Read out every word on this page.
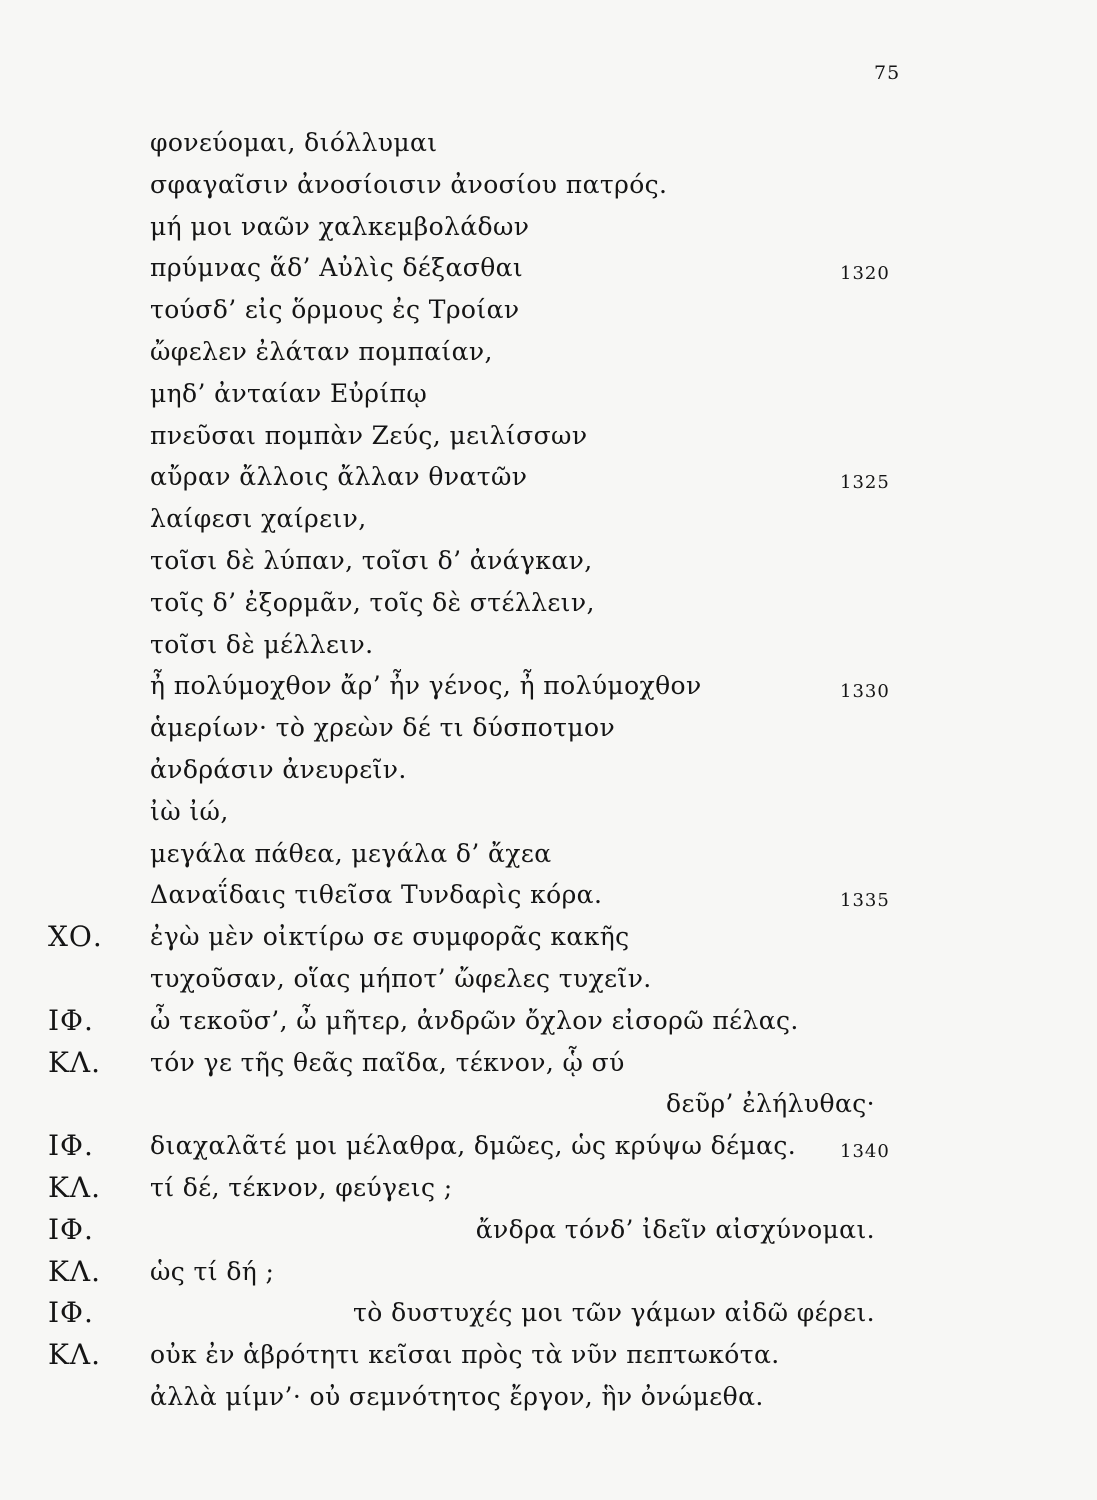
75
φονεύομαι, διόλλυμαι
σφαγαῖσιν ἀνοσίοισιν ἀνοσίου πατρός.
μή μοι ναῶν χαλκεμβολάδων
πρύμνας ἅδ’ Αὐλὶς δέξασθαι	1320
τούσδ’ εἰς ὅρμους ἐς Τροίαν
ὤφελεν ἐλάταν πομπαίαν,
μηδ’ ἀνταίαν Εὐρίπῳ
πνεῦσαι πομπὰν Ζεύς, μειλίσσων
αὔραν ἄλλοις ἄλλαν θνατῶν	1325
λαίφεσι χαίρειν,
τοῖσι δὲ λύπαν, τοῖσι δ’ ἀνάγκαν,
τοῖς δ’ ἐξορμᾶν, τοῖς δὲ στέλλειν,
τοῖσι δὲ μέλλειν.
ἦ πολύμοχθον ἄρ’ ἦν γένος, ἦ πολύμοχθον	1330
ἁμερίων· τὸ χρεὼν δέ τι δύσποτμον
ἀνδράσιν ἀνευρεῖν.
ἰὼ ἰώ,
μεγάλα πάθεα, μεγάλα δ’ ἄχεα
Δαναΐδαις τιθεῖσα Τυνδαρὶς κόρα.	1335
ΧΟ. ἐγὼ μὲν οἰκτίρω σε συμφορᾶς κακῆς
τυχοῦσαν, οἵας μήποτ’ ὤφελες τυχεῖν.
ΙΦ. ὦ τεκοῦσ’, ὦ μῆτερ, ἀνδρῶν ὄχλον εἰσορῶ πέλας.
ΚΛ. τόν γε τῆς θεᾶς παῖδα, τέκνον, ᾧ σύ
δεῦρ’ ἐλήλυθας·
ΙΦ. διαχαλᾶτέ μοι μέλαθρα, δμῶες, ὡς κρύψω δέμας. 1340
ΚΛ. τί δέ, τέκνον, φεύγεις ;
ΙΦ.	ἄνδρα τόνδ’ ἰδεῖν αἰσχύνομαι.
ΚΛ. ὡς τί δή ;
ΙΦ.	τὸ δυστυχές μοι τῶν γάμων αἰδῶ φέρει.
ΚΛ. οὐκ ἐν ἁβρότητι κεῖσαι πρὸς τὰ νῦν πεπτωκότα.
ἀλλὰ μίμν’· οὐ σεμνότητος ἔργον, ἣν ὀνώμεθα.
